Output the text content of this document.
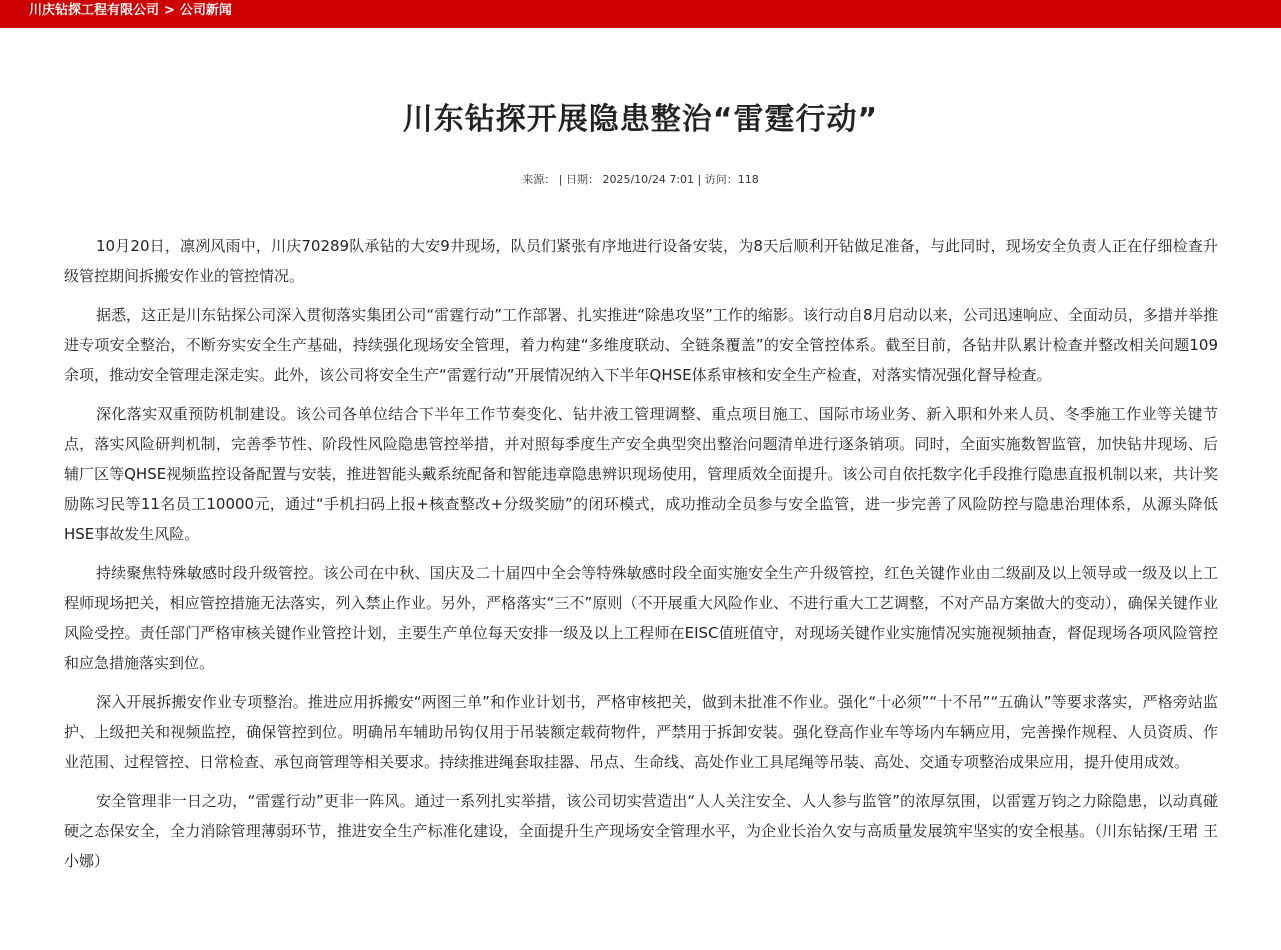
川庆钻探工程有限公司 > 公司新闻
川东钻探开展隐患整治“雷霆行动”
来源： | 日期： 2025/10/24 7:01 | 访问：118

10月20日，凛冽风雨中，川庆70289队承钻的大安9井现场，队员们紧张有序地进行设备安装，为8天后顺利开钻做足准备，与此同时，现场安全负责人正在仔细检查升级管控期间拆搬安作业的管控情况。

据悉，这正是川东钻探公司深入贯彻落实集团公司“雷霆行动”工作部署、扎实推进“除患攻坚”工作的缩影。该行动自8月启动以来，公司迅速响应、全面动员，多措并举推进专项安全整治，不断夯实安全生产基础，持续强化现场安全管理，着力构建“多维度联动、全链条覆盖”的安全管控体系。截至目前，各钻井队累计检查并整改相关问题109余项，推动安全管理走深走实。此外，该公司将安全生产“雷霆行动”开展情况纳入下半年QHSE体系审核和安全生产检查，对落实情况强化督导检查。

深化落实双重预防机制建设。该公司各单位结合下半年工作节奏变化、钻井液工管理调整、重点项目施工、国际市场业务、新入职和外来人员、冬季施工作业等关键节点，落实风险研判机制，完善季节性、阶段性风险隐患管控举措，并对照每季度生产安全典型突出整治问题清单进行逐条销项。同时，全面实施数智监管，加快钻井现场、后辅厂区等QHSE视频监控设备配置与安装，推进智能头戴系统配备和智能违章隐患辨识现场使用，管理质效全面提升。该公司自依托数字化手段推行隐患直报机制以来，共计奖励陈习民等11名员工10000元，通过“手机扫码上报+核查整改+分级奖励”的闭环模式，成功推动全员参与安全监管，进一步完善了风险防控与隐患治理体系，从源头降低HSE事故发生风险。

持续聚焦特殊敏感时段升级管控。该公司在中秋、国庆及二十届四中全会等特殊敏感时段全面实施安全生产升级管控，红色关键作业由二级副及以上领导或一级及以上工程师现场把关，相应管控措施无法落实，列入禁止作业。另外，严格落实“三不”原则（不开展重大风险作业、不进行重大工艺调整，不对产品方案做大的变动），确保关键作业风险受控。责任部门严格审核关键作业管控计划，主要生产单位每天安排一级及以上工程师在EISC值班值守，对现场关键作业实施情况实施视频抽查，督促现场各项风险管控和应急措施落实到位。

深入开展拆搬安作业专项整治。推进应用拆搬安“两图三单”和作业计划书，严格审核把关，做到未批准不作业。强化“十必须”“十不吊”“五确认”等要求落实，严格旁站监护、上级把关和视频监控，确保管控到位。明确吊车辅助吊钩仅用于吊装额定载荷物件，严禁用于拆卸安装。强化登高作业车等场内车辆应用，完善操作规程、人员资质、作业范围、过程管控、日常检查、承包商管理等相关要求。持续推进绳套取挂器、吊点、生命线、高处作业工具尾绳等吊装、高处、交通专项整治成果应用，提升使用成效。

安全管理非一日之功，“雷霆行动”更非一阵风。通过一系列扎实举措，该公司切实营造出“人人关注安全、人人参与监管”的浓厚氛围，以雷霆万钧之力除隐患，以动真碰硬之态保安全，全力消除管理薄弱环节，推进安全生产标准化建设，全面提升生产现场安全管理水平，为企业长治久安与高质量发展筑牢坚实的安全根基。（川东钻探/王珺 王小娜）
